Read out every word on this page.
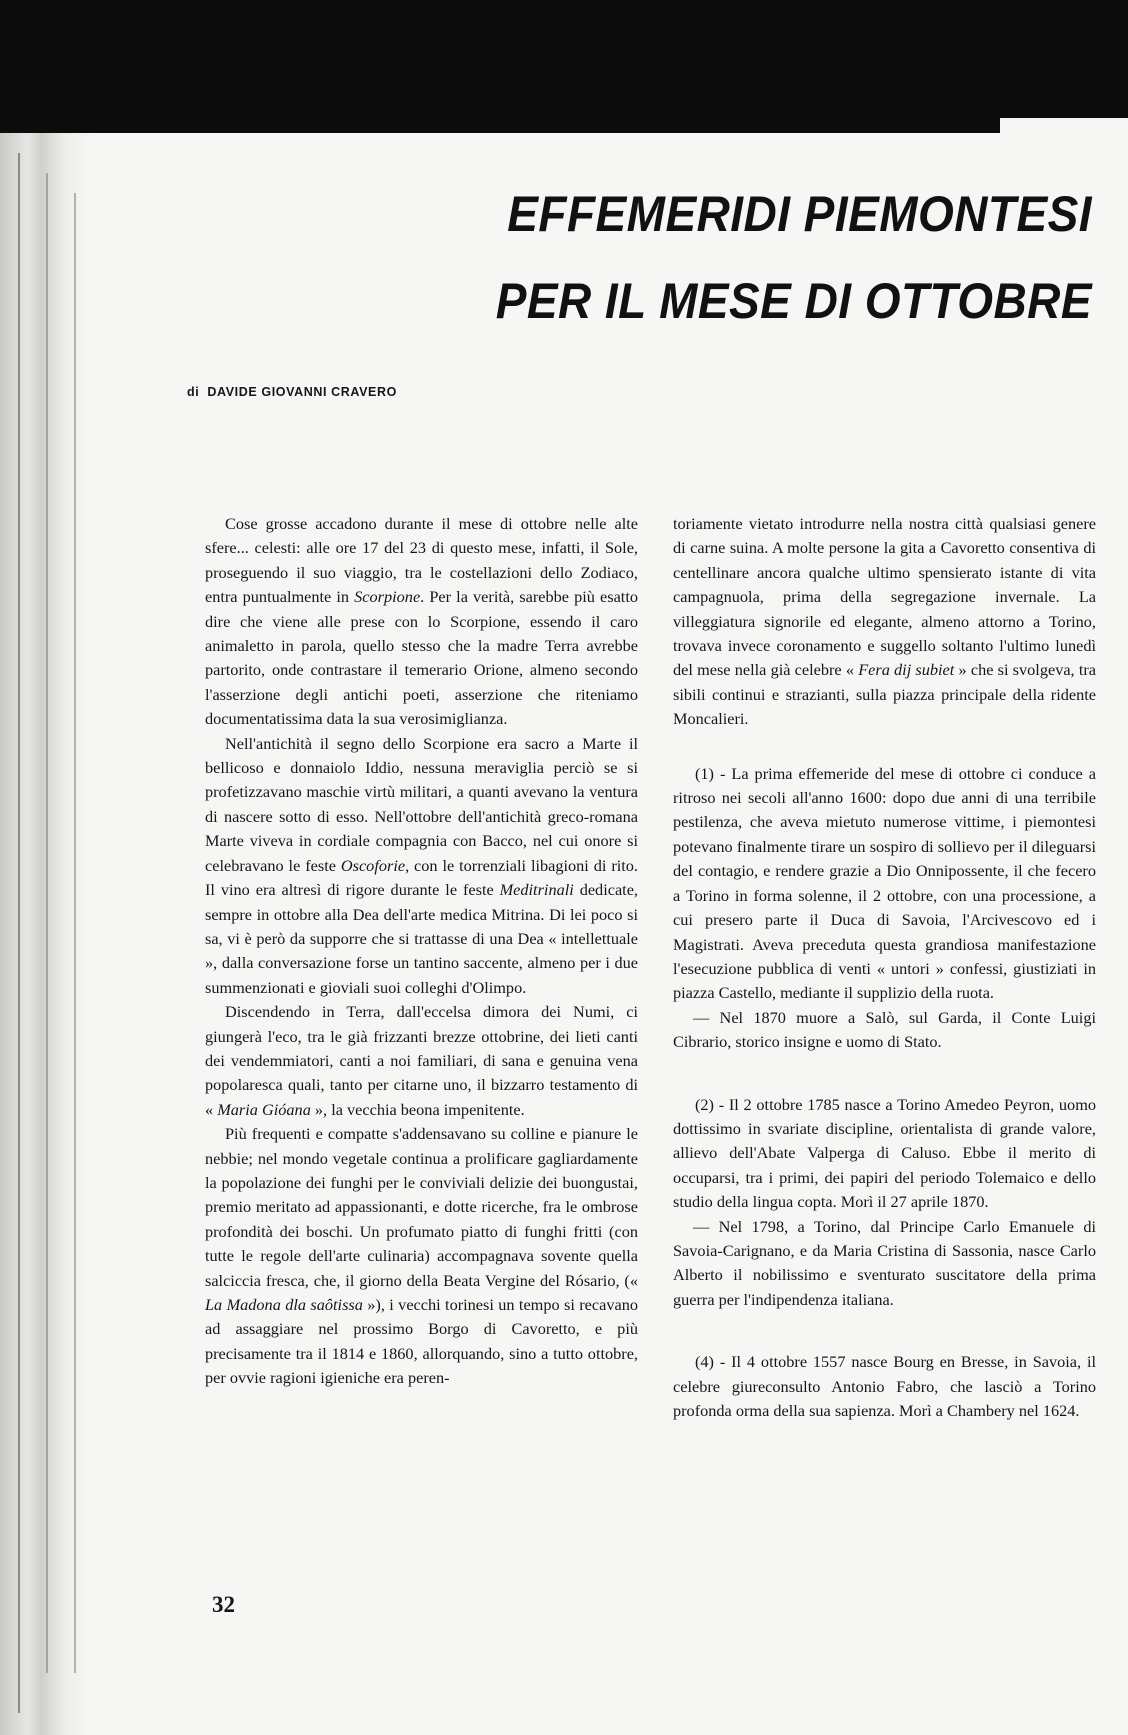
EFFEMERIDI PIEMONTESI
PER IL MESE DI OTTOBRE
di DAVIDE GIOVANNI CRAVERO

Cose grosse accadono durante il mese di ottobre nelle alte sfere... celesti: alle ore 17 del 23 di questo mese, infatti, il Sole, proseguendo il suo viaggio, tra le costellazioni dello Zodiaco, entra puntualmente in Scorpione. Per la verità, sarebbe più esatto dire che viene alle prese con lo Scorpione, essendo il caro animaletto in parola, quello stesso che la madre Terra avrebbe partorito, onde contrastare il temerario Orione, almeno secondo l'asserzione degli antichi poeti, asserzione che riteniamo documentatissima data la sua verosimiglianza.

Nell'antichità il segno dello Scorpione era sacro a Marte il bellicoso e donnaiolo Iddio, nessuna meraviglia perciò se si profetizzavano maschie virtù militari, a quanti avevano la ventura di nascere sotto di esso. Nell'ottobre dell'antichità greco-romana Marte viveva in cordiale compagnia con Bacco, nel cui onore si celebravano le feste Oscoforie, con le torrenziali libagioni di rito. Il vino era altresì di rigore durante le feste Meditrinali dedicate, sempre in ottobre alla Dea dell'arte medica Mitrina. Di lei poco si sa, vi è però da supporre che si trattasse di una Dea « intellettuale », dalla conversazione forse un tantino saccente, almeno per i due summenzionati e gioviali suoi colleghi d'Olimpo.

Discendendo in Terra, dall'eccelsa dimora dei Numi, ci giungerà l'eco, tra le già frizzanti brezze ottobrine, dei lieti canti dei vendemmiatori, canti a noi familiari, di sana e genuina vena popolaresca quali, tanto per citarne uno, il bizzarro testamento di « Maria Gióana », la vecchia beona impenitente.

Più frequenti e compatte s'addensavano su colline e pianure le nebbie; nel mondo vegetale continua a prolificare gagliardamente la popolazione dei funghi per le conviviali delizie dei buongustai, premio meritato ad appassionanti, e dotte ricerche, fra le ombrose profondità dei boschi. Un profumato piatto di funghi fritti (con tutte le regole dell'arte culinaria) accompagnava sovente quella salciccia fresca, che, il giorno della Beata Vergine del Rósario, (« La Madona dla saôtissa »), i vecchi torinesi un tempo si recavano ad assaggiare nel prossimo Borgo di Cavoretto, e più precisamente tra il 1814 e 1860, allorquando, sino a tutto ottobre, per ovvie ragioni igieniche era peren-

toriamente vietato introdurre nella nostra città qualsiasi genere di carne suina. A molte persone la gita a Cavoretto consentiva di centellinare ancora qualche ultimo spensierato istante di vita campagnuola, prima della segregazione invernale. La villeggiatura signorile ed elegante, almeno attorno a Torino, trovava invece coronamento e suggello soltanto l'ultimo lunedì del mese nella già celebre « Fera dij subiet » che si svolgeva, tra sibili continui e strazianti, sulla piazza principale della ridente Moncalieri.

(1) - La prima effemeride del mese di ottobre ci conduce a ritroso nei secoli all'anno 1600: dopo due anni di una terribile pestilenza, che aveva mietuto numerose vittime, i piemontesi potevano finalmente tirare un sospiro di sollievo per il dileguarsi del contagio, e rendere grazie a Dio Onnipossente, il che fecero a Torino in forma solenne, il 2 ottobre, con una processione, a cui presero parte il Duca di Savoia, l'Arcivescovo ed i Magistrati. Aveva preceduta questa grandiosa manifestazione l'esecuzione pubblica di venti « untori » confessi, giustiziati in piazza Castello, mediante il supplizio della ruota.

— Nel 1870 muore a Salò, sul Garda, il Conte Luigi Cibrario, storico insigne e uomo di Stato.

(2) - Il 2 ottobre 1785 nasce a Torino Amedeo Peyron, uomo dottissimo in svariate discipline, orientalista di grande valore, allievo dell'Abate Valperga di Caluso. Ebbe il merito di occuparsi, tra i primi, dei papiri del periodo Tolemaico e dello studio della lingua copta. Morì il 27 aprile 1870.

— Nel 1798, a Torino, dal Principe Carlo Emanuele di Savoia-Carignano, e da Maria Cristina di Sassonia, nasce Carlo Alberto il nobilissimo e sventurato suscitatore della prima guerra per l'indipendenza italiana.

(4) - Il 4 ottobre 1557 nasce Bourg en Bresse, in Savoia, il celebre giureconsulto Antonio Fabro, che lasciò a Torino profonda orma della sua sapienza. Morì a Chambery nel 1624.

32
